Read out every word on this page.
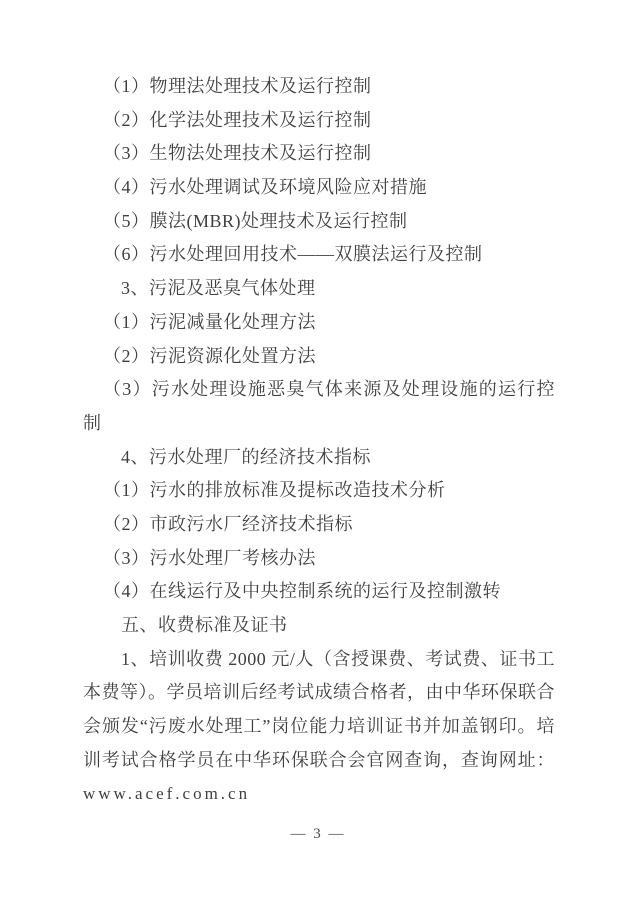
（1）物理法处理技术及运行控制
（2）化学法处理技术及运行控制
（3）生物法处理技术及运行控制
（4）污水处理调试及环境风险应对措施
（5）膜法(MBR)处理技术及运行控制
（6）污水处理回用技术——双膜法运行及控制
3、污泥及恶臭气体处理
（1）污泥减量化处理方法
（2）污泥资源化处置方法
（3）污水处理设施恶臭气体来源及处理设施的运行控
制
4、污水处理厂的经济技术指标
（1）污水的排放标准及提标改造技术分析
（2）市政污水厂经济技术指标
（3）污水处理厂考核办法
（4）在线运行及中央控制系统的运行及控制激转
五、收费标准及证书
1、培训收费 2000 元/人（含授课费、考试费、证书工
本费等）。学员培训后经考试成绩合格者，由中华环保联合
会颁发“污废水处理工”岗位能力培训证书并加盖钢印。培
训考试合格学员在中华环保联合会官网查询，查询网址：
www.acef.com.cn
— 3 —
